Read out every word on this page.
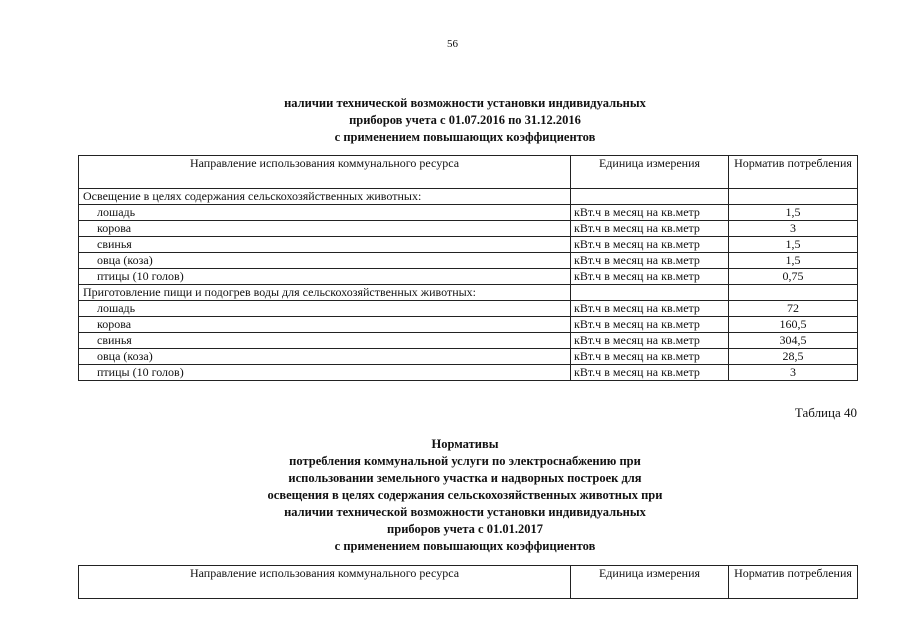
56
наличии технической возможности установки индивидуальных
приборов учета с 01.07.2016 по 31.12.2016
с применением повышающих коэффициентов
Направление использования коммунального ресурса	Единица измерения	Норматив потребления
Освещение в целях содержания сельскохозяйственных животных:		
лошадь	кВт.ч в месяц на кв.метр	1,5
корова	кВт.ч в месяц на кв.метр	3
свинья	кВт.ч в месяц на кв.метр	1,5
овца (коза)	кВт.ч в месяц на кв.метр	1,5
птицы (10 голов)	кВт.ч в месяц на кв.метр	0,75
Приготовление пищи и подогрев воды для сельскохозяйственных животных:		
лошадь	кВт.ч в месяц на кв.метр	72
корова	кВт.ч в месяц на кв.метр	160,5
свинья	кВт.ч в месяц на кв.метр	304,5
овца (коза)	кВт.ч в месяц на кв.метр	28,5
птицы (10 голов)	кВт.ч в месяц на кв.метр	3
Таблица 40
Нормативы
потребления коммунальной услуги по электроснабжению при
использовании земельного участка и надворных построек для
освещения в целях содержания сельскохозяйственных животных при
наличии технической возможности установки индивидуальных
приборов учета с 01.01.2017
с применением повышающих коэффициентов
Направление использования коммунального ресурса	Единица измерения	Норматив потребления
